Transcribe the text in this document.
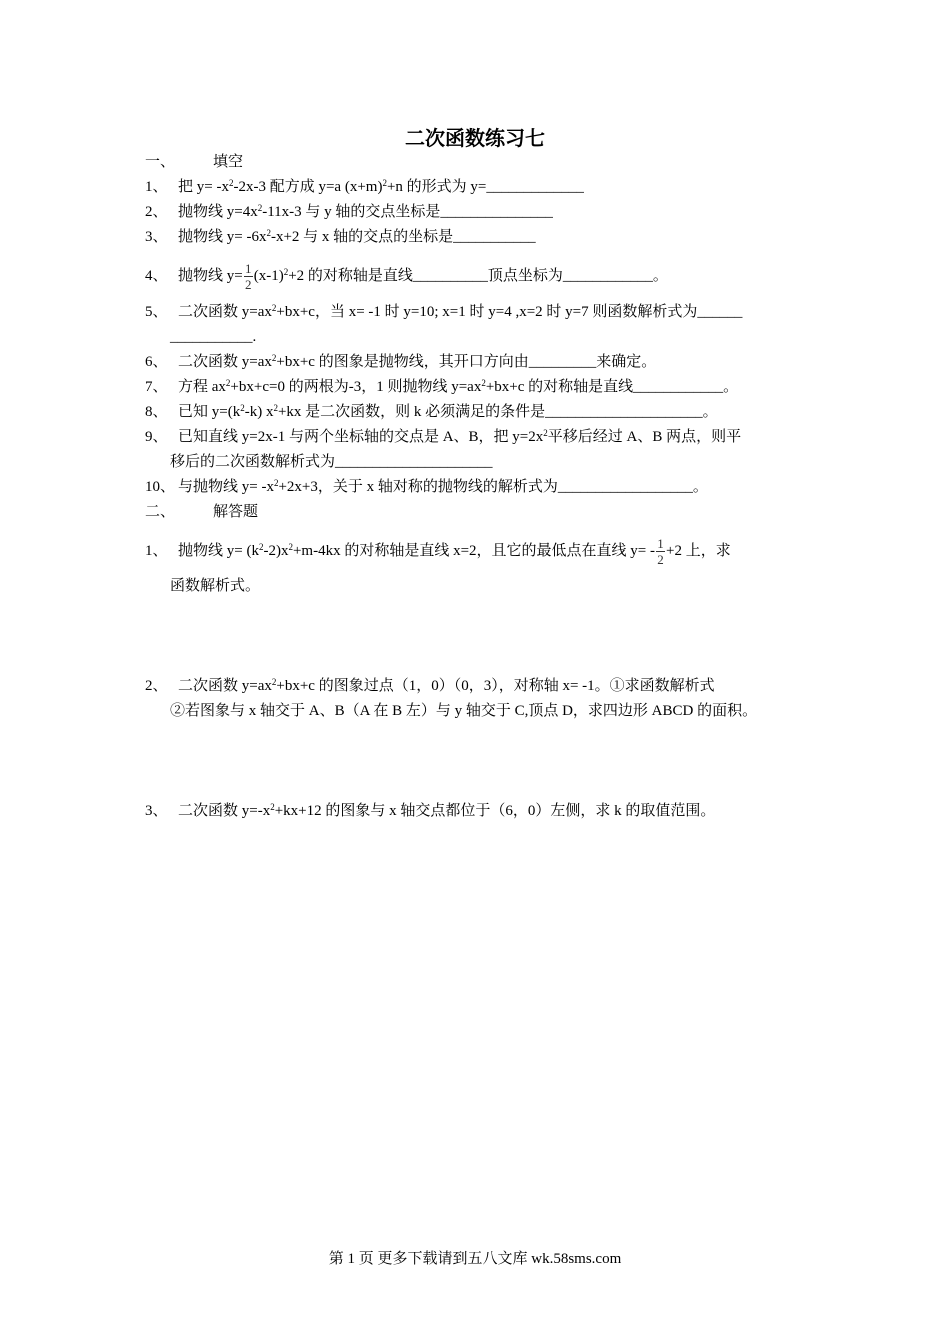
二次函数练习七
一、	填空
1、 把 $y= -x^2-2x-3$ 配方成 y=a $(x+m)^2+n$ 的形式为 y=_____________
2、 抛物线 $y=4x^2-11x-3$ 与 y 轴的交点坐标是_______________
3、 抛物线 $y= -6x^2-x+2$ 与 x 轴的交点的坐标是___________
4、 抛物线 $y= \frac{1}{2} (x-1)^2+2$ 的对称轴是直线__________顶点坐标为____________。
5、 二次函数 $y=ax^2+bx+c$，当 x= -1 时 y=10; x=1 时 y=4 ,x=2 时 y=7 则函数解析式为______
___________.
6、 二次函数 $y=ax^2+bx+c$ 的图象是抛物线，其开口方向由_________来确定。
7、 方程 $ax^2+bx+c=0$ 的两根为-3，1 则抛物线 $y=ax^2+bx+c$ 的对称轴是直线____________。
8、 已知 $y=(k^2-k)$ $x^2+kx$ 是二次函数，则 k 必须满足的条件是_____________________。
9、 已知直线 y=2x-1 与两个坐标轴的交点是 A、B，把 $y=2x^2$平移后经过 A、B 两点，则平
移后的二次函数解析式为_____________________
10、 与抛物线 $y= -x^2+2x+3$，关于 x 轴对称的抛物线的解析式为__________________。
二、	解答题
1、 抛物线 $y= (k^2-2)x^2+m-4kx$ 的对称轴是直线 x=2，且它的最低点在直线 $y= - \frac{1}{2} +2$ 上，求
函数解析式。
2、 二次函数 $y=ax^2+bx+c$ 的图象过点（1，0）（0，3），对称轴 x= -1。①求函数解析式
②若图象与 x 轴交于 A、B（A 在 B 左）与 y 轴交于 C,顶点 D，求四边形 ABCD 的面积。
3、 二次函数 $y=-x^2+kx+12$ 的图象与 x 轴交点都位于（6，0）左侧，求 k 的取值范围。
第 1 页 更多下载请到五八文库 wk.58sms.com
